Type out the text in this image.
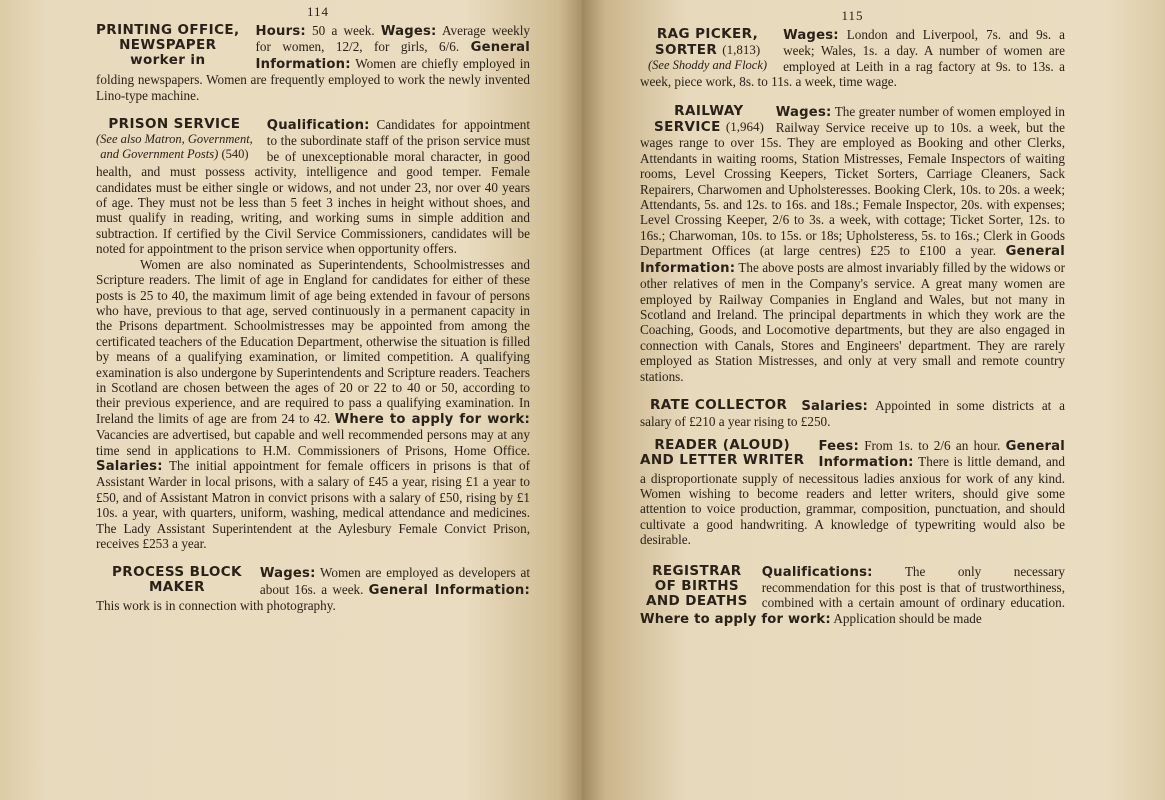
114
PRINTING OFFICE,
NEWSPAPER
worker in
Hours: 50 a week. Wages: Average weekly for women, 12/2, for girls, 6/6. General Information: Women are chiefly employed in folding newspapers. Women are frequently employed to work the newly invented Lino-type machine.
PRISON SERVICE
(See also Matron, Government,
and Government Posts) (540)
Qualification: Candidates for appointment to the subordinate staff of the prison service must be of unexceptionable moral character, in good health, and must possess activity, intelligence and good temper. Female candidates must be either single or widows, and not under 23, nor over 40 years of age. They must not be less than 5 feet 3 inches in height without shoes, and must qualify in reading, writing, and working sums in simple addition and subtraction. If certified by the Civil Service Commissioners, candidates will be noted for appointment to the prison service when opportunity offers.
Women are also nominated as Superintendents, Schoolmistresses and Scripture readers. The limit of age in England for candidates for either of these posts is 25 to 40, the maximum limit of age being extended in favour of persons who have, previous to that age, served continuously in a permanent capacity in the Prisons department. Schoolmistresses may be appointed from among the certificated teachers of the Education Department, otherwise the situation is filled by means of a qualifying examination, or limited competition. A qualifying examination is also undergone by Superintendents and Scripture readers. Teachers in Scotland are chosen between the ages of 20 or 22 to 40 or 50, according to their previous experience, and are required to pass a qualifying examination. In Ireland the limits of age are from 24 to 42. Where to apply for work: Vacancies are advertised, but capable and well recommended persons may at any time send in applications to H.M. Commissioners of Prisons, Home Office. Salaries: The initial appointment for female officers in prisons is that of Assistant Warder in local prisons, with a salary of £45 a year, rising £1 a year to £50, and of Assistant Matron in convict prisons with a salary of £50, rising by £1 10s. a year, with quarters, uniform, washing, medical attendance and medicines. The Lady Assistant Superintendent at the Aylesbury Female Convict Prison, receives £253 a year.
PROCESS BLOCK
MAKER
Wages: Women are employed as developers at about 16s. a week. General Information: This work is in connection with photography.
115
RAG PICKER,
SORTER (1,813)
(See Shoddy and Flock)
Wages: London and Liverpool, 7s. and 9s. a week; Wales, 1s. a day. A number of women are employed at Leith in a rag factory at 9s. to 13s. a week, piece work, 8s. to 11s. a week, time wage.
RAILWAY
SERVICE (1,964)
Wages: The greater number of women employed in Railway Service receive up to 10s. a week, but the wages range to over 15s. They are employed as Booking and other Clerks, Attendants in waiting rooms, Station Mistresses, Female Inspectors of waiting rooms, Level Crossing Keepers, Ticket Sorters, Carriage Cleaners, Sack Repairers, Charwomen and Upholsteresses. Booking Clerk, 10s. to 20s. a week; Attendants, 5s. and 12s. to 16s. and 18s.; Female Inspector, 20s. with expenses; Level Crossing Keeper, 2/6 to 3s. a week, with cottage; Ticket Sorter, 12s. to 16s.; Charwoman, 10s. to 15s. or 18s; Upholsteress, 5s. to 16s.; Clerk in Goods Department Offices (at large centres) £25 to £100 a year. General Information: The above posts are almost invariably filled by the widows or other relatives of men in the Company's service. A great many women are employed by Railway Companies in England and Wales, but not many in Scotland and Ireland. The principal departments in which they work are the Coaching, Goods, and Locomotive departments, but they are also engaged in connection with Canals, Stores and Engineers' department. They are rarely employed as Station Mistresses, and only at very small and remote country stations.
RATE COLLECTOR Salaries: Appointed in some districts at a salary of £210 a year rising to £250.
READER (ALOUD)
AND LETTER WRITER
Fees: From 1s. to 2/6 an hour. General Information: There is little demand, and a disproportionate supply of necessitous ladies anxious for work of any kind. Women wishing to become readers and letter writers, should give some attention to voice production, grammar, composition, punctuation, and should cultivate a good handwriting. A knowledge of typewriting would also be desirable.
REGISTRAR
OF BIRTHS
AND DEATHS
Qualifications: The only necessary recommendation for this post is that of trustworthiness, combined with a certain amount of ordinary education. Where to apply for work: Application should be made
